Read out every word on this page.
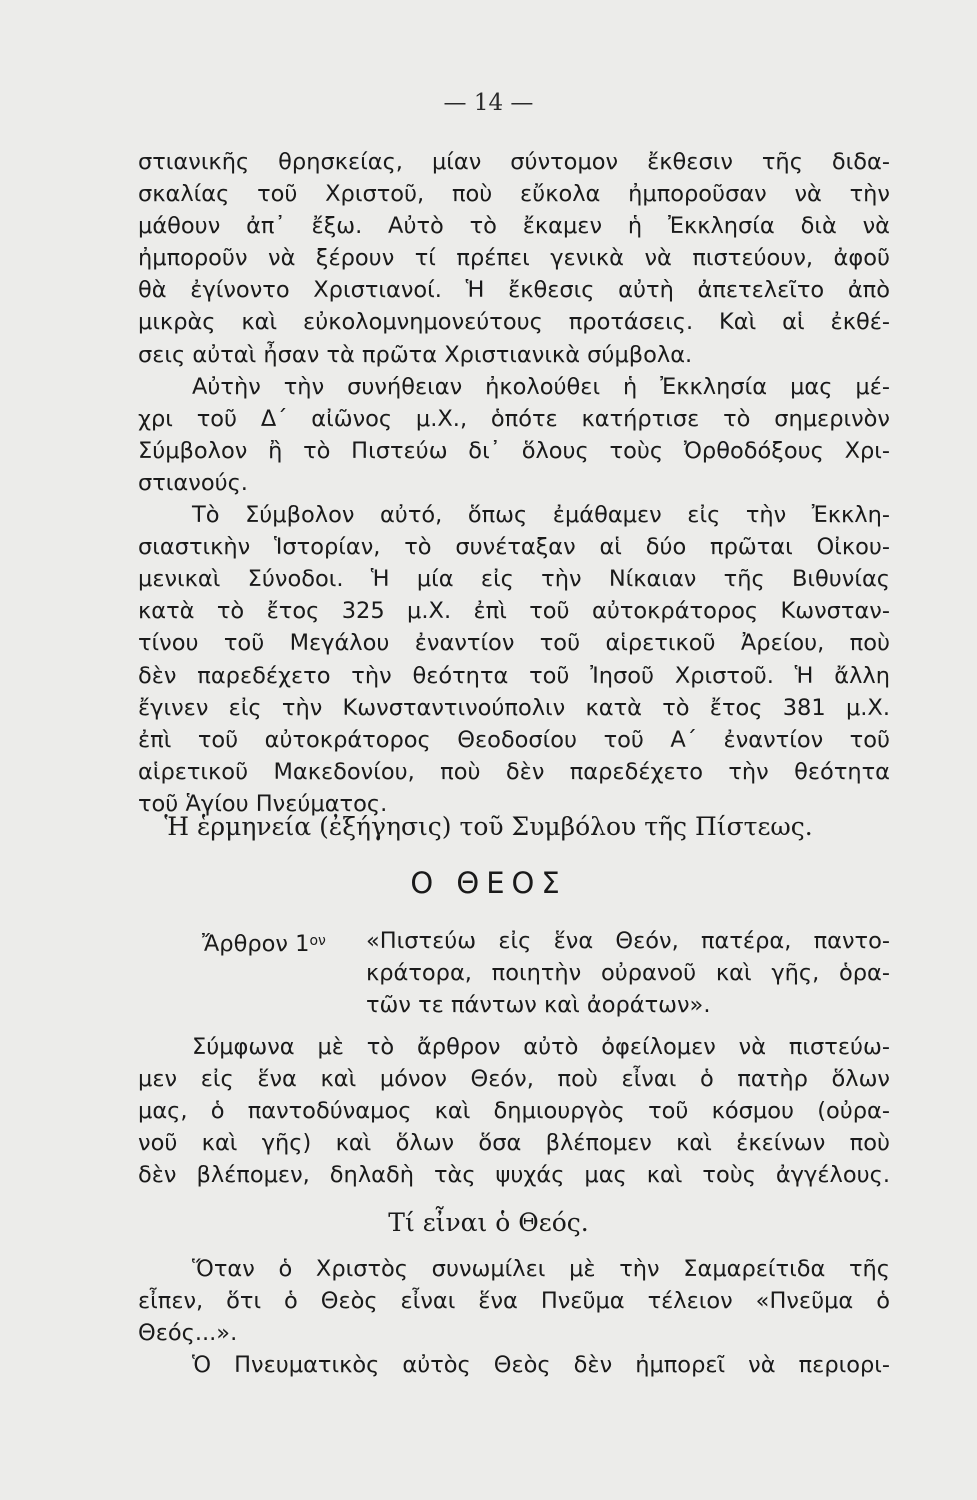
— 14 —
στιανικῆς θρησκείας, μίαν σύντομον ἔκθεσιν τῆς διδα-
σκαλίας τοῦ Χριστοῦ, ποὺ εὔκολα ἠμποροῦσαν νὰ τὴν
μάθουν ἀπ᾿ ἔξω. Αὐτὸ τὸ ἔκαμεν ἡ Ἐκκλησία διὰ νὰ
ἠμποροῦν νὰ ξέρουν τί πρέπει γενικὰ νὰ πιστεύουν, ἀφοῦ
θὰ ἐγίνοντο Χριστιανοί. Ἡ ἔκθεσις αὐτὴ ἀπετελεῖτο ἀπὸ
μικρὰς καὶ εὐκολομνημονεύτους προτάσεις. Καὶ αἱ ἐκθέ-
σεις αὐταὶ ἦσαν τὰ πρῶτα Χριστιανικὰ σύμβολα.
Αὐτὴν τὴν συνήθειαν ἠκολούθει ἡ Ἐκκλησία μας μέ-
χρι τοῦ Δ΄ αἰῶνος μ.Χ., ὁπότε κατήρτισε τὸ σημερινὸν
Σύμβολον ἢ τὸ Πιστεύω δι᾿ ὅλους τοὺς Ὀρθοδόξους Χρι-
στιανούς.
Τὸ Σύμβολον αὐτό, ὅπως ἐμάθαμεν εἰς τὴν Ἐκκλη-
σιαστικὴν Ἱστορίαν, τὸ συνέταξαν αἱ δύο πρῶται Οἰκου-
μενικαὶ Σύνοδοι. Ἡ μία εἰς τὴν Νίκαιαν τῆς Βιθυνίας
κατὰ τὸ ἔτος 325 μ.Χ. ἐπὶ τοῦ αὐτοκράτορος Κωνσταν-
τίνου τοῦ Μεγάλου ἐναντίον τοῦ αἱρετικοῦ Ἀρείου, ποὺ
δὲν παρεδέχετο τὴν θεότητα τοῦ Ἰησοῦ Χριστοῦ. Ἡ ἄλλη
ἔγινεν εἰς τὴν Κωνσταντινούπολιν κατὰ τὸ ἔτος 381 μ.Χ.
ἐπὶ τοῦ αὐτοκράτορος Θεοδοσίου τοῦ Α΄ ἐναντίον τοῦ
αἱρετικοῦ Μακεδονίου, ποὺ δὲν παρεδέχετο τὴν θεότητα
τοῦ Ἁγίου Πνεύματος.
Ἡ ἑρμηνεία (ἐξήγησις) τοῦ Συμβόλου τῆς Πίστεως.
Ο ΘΕΟΣ
Ἄρθρον $1^{o\nu}$ «Πιστεύω εἰς ἕνα Θεόν, πατέρα, παντο-
κράτορα, ποιητὴν οὐρανοῦ καὶ γῆς, ὁρα-
τῶν τε πάντων καὶ ἀοράτων».
Σύμφωνα μὲ τὸ ἄρθρον αὐτὸ ὀφείλομεν νὰ πιστεύω-
μεν εἰς ἕνα καὶ μόνον Θεόν, ποὺ εἶναι ὁ πατὴρ ὅλων
μας, ὁ παντοδύναμος καὶ δημιουργὸς τοῦ κόσμου (οὐρα-
νοῦ καὶ γῆς) καὶ ὅλων ὅσα βλέπομεν καὶ ἐκείνων ποὺ
δὲν βλέπομεν, δηλαδὴ τὰς ψυχάς μας καὶ τοὺς ἀγγέλους.
Τί εἶναι ὁ Θεός.
Ὅταν ὁ Χριστὸς συνωμίλει μὲ τὴν Σαμαρείτιδα τῆς
εἶπεν, ὅτι ὁ Θεὸς εἶναι ἕνα Πνεῦμα τέλειον «Πνεῦμα ὁ
Θεός...».
Ὁ Πνευματικὸς αὐτὸς Θεὸς δὲν ἠμπορεῖ νὰ περιορι-
